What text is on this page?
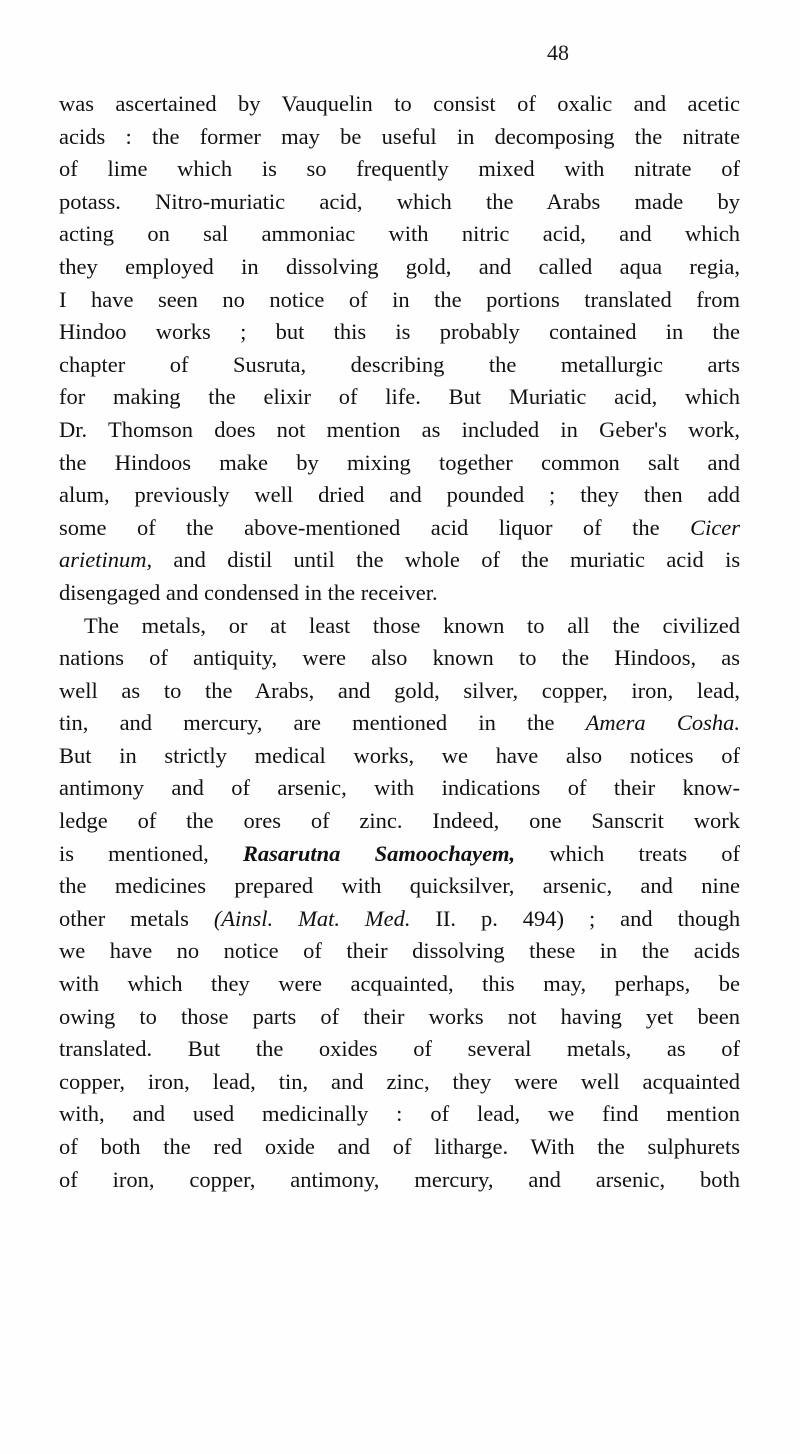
48
was ascertained by Vauquelin to consist of oxalic and acetic
acids : the former may be useful in decomposing the nitrate
of lime which is so frequently mixed with nitrate of
potass. Nitro-muriatic acid, which the Arabs made by
acting on sal ammoniac with nitric acid, and which
they employed in dissolving gold, and called aqua regia,
I have seen no notice of in the portions translated from
Hindoo works ; but this is probably contained in the
chapter of Susruta, describing the metallurgic arts
for making the elixir of life. But Muriatic acid, which
Dr. Thomson does not mention as included in Geber's work,
the Hindoos make by mixing together common salt and
alum, previously well dried and pounded ; they then add
some of the above-mentioned acid liquor of the Cicer
arietinum, and distil until the whole of the muriatic acid is
disengaged and condensed in the receiver.
The metals, or at least those known to all the civilized
nations of antiquity, were also known to the Hindoos, as
well as to the Arabs, and gold, silver, copper, iron, lead,
tin, and mercury, are mentioned in the Amera Cosha.
But in strictly medical works, we have also notices of
antimony and of arsenic, with indications of their know-
ledge of the ores of zinc. Indeed, one Sanscrit work
is mentioned, Rasarutna Samoochayem, which treats of
the medicines prepared with quicksilver, arsenic, and nine
other metals (Ainsl. Mat. Med. II. p. 494) ; and though
we have no notice of their dissolving these in the acids
with which they were acquainted, this may, perhaps, be
owing to those parts of their works not having yet been
translated. But the oxides of several metals, as of
copper, iron, lead, tin, and zinc, they were well acquainted
with, and used medicinally : of lead, we find mention
of both the red oxide and of litharge. With the sulphurets
of iron, copper, antimony, mercury, and arsenic, both
